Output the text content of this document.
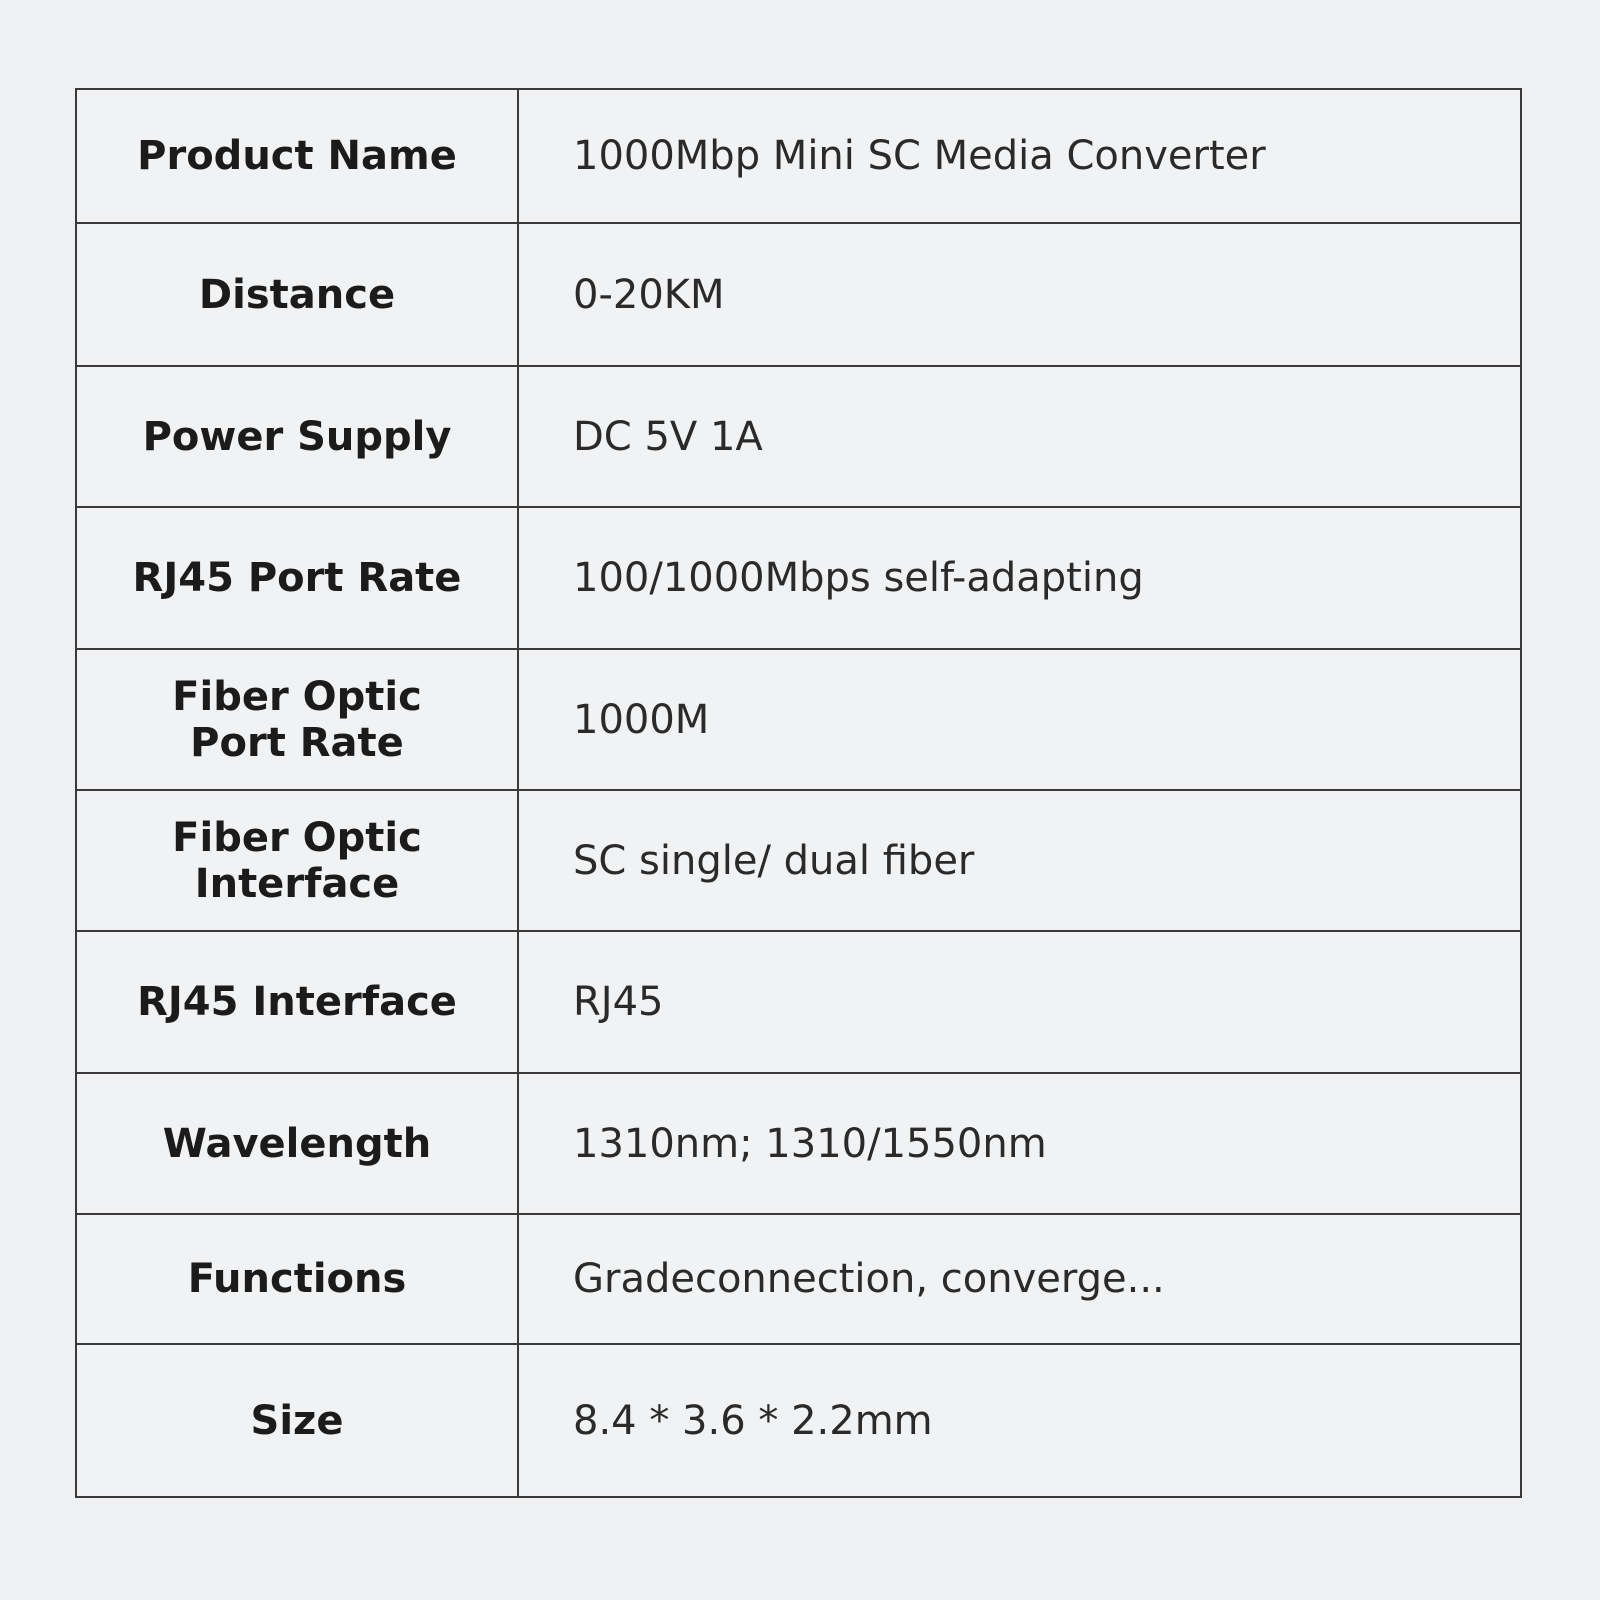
Product Name	1000Mbp Mini SC Media Converter
Distance	0-20KM
Power Supply	DC 5V 1A
RJ45 Port Rate	100/1000Mbps self-adapting
Fiber Optic
Port Rate	1000M
Fiber Optic
Interface	SC single/ dual fiber
RJ45 Interface	RJ45
Wavelength	1310nm; 1310/1550nm
Functions	Gradeconnection, converge...
Size	8.4 * 3.6 * 2.2mm
